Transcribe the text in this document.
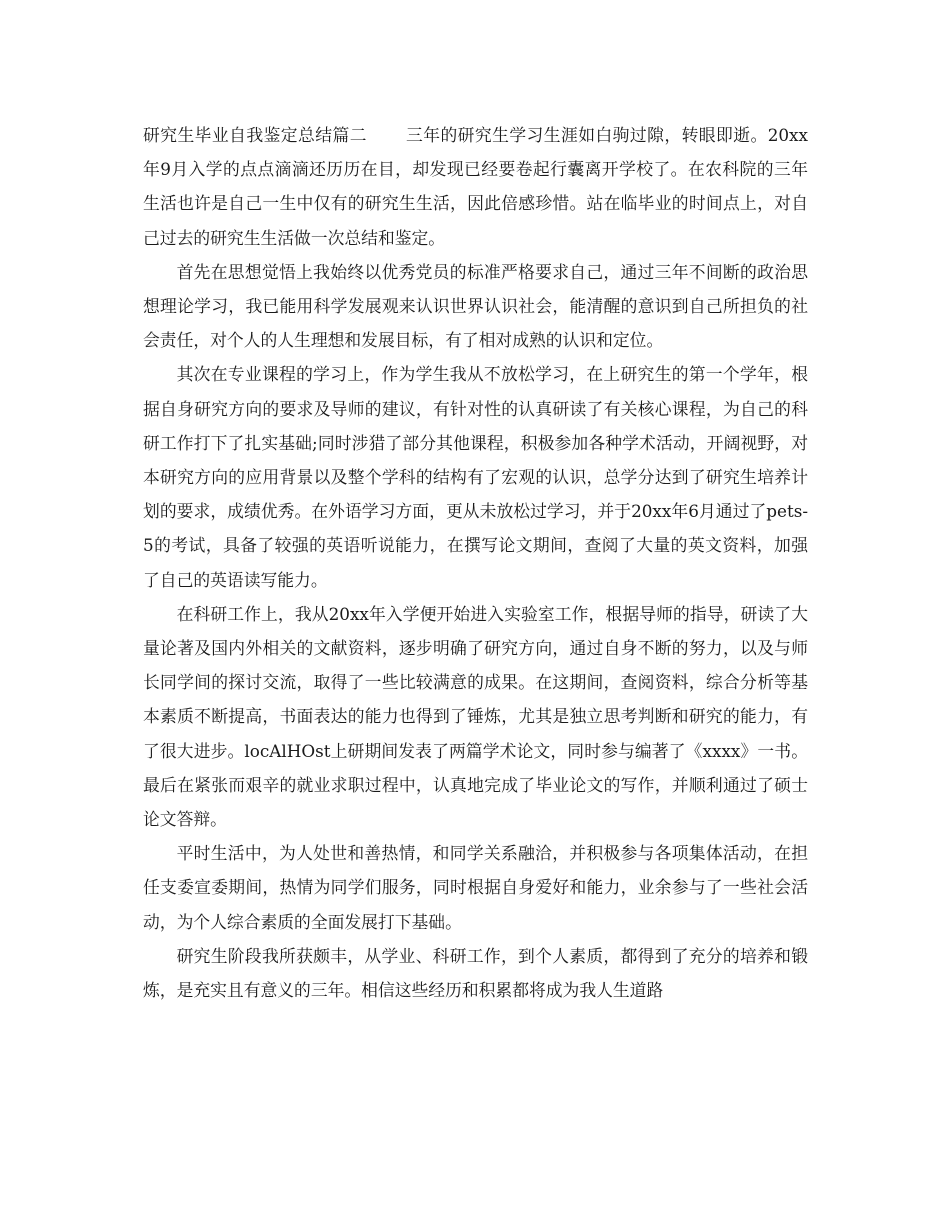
研究生毕业自我鉴定总结篇二 三年的研究生学习生涯如白驹过隙，转眼即逝。20xx年9月入学的点点滴滴还历历在目，却发现已经要卷起行囊离开学校了。在农科院的三年生活也许是自己一生中仅有的研究生生活，因此倍感珍惜。站在临毕业的时间点上，对自己过去的研究生生活做一次总结和鉴定。

首先在思想觉悟上我始终以优秀党员的标准严格要求自己，通过三年不间断的政治思想理论学习，我已能用科学发展观来认识世界认识社会，能清醒的意识到自己所担负的社会责任，对个人的人生理想和发展目标，有了相对成熟的认识和定位。

其次在专业课程的学习上，作为学生我从不放松学习，在上研究生的第一个学年，根据自身研究方向的要求及导师的建议，有针对性的认真研读了有关核心课程，为自己的科研工作打下了扎实基础;同时涉猎了部分其他课程，积极参加各种学术活动，开阔视野，对本研究方向的应用背景以及整个学科的结构有了宏观的认识，总学分达到了研究生培养计划的要求，成绩优秀。在外语学习方面，更从未放松过学习，并于20xx年6月通过了pets-5的考试，具备了较强的英语听说能力，在撰写论文期间，查阅了大量的英文资料，加强了自己的英语读写能力。

在科研工作上，我从20xx年入学便开始进入实验室工作，根据导师的指导，研读了大量论著及国内外相关的文献资料，逐步明确了研究方向，通过自身不断的努力，以及与师长同学间的探讨交流，取得了一些比较满意的成果。在这期间，查阅资料，综合分析等基本素质不断提高，书面表达的能力也得到了锤炼，尤其是独立思考判断和研究的能力，有了很大进步。locAlHOst上研期间发表了两篇学术论文，同时参与编著了《xxxx》一书。最后在紧张而艰辛的就业求职过程中，认真地完成了毕业论文的写作，并顺利通过了硕士论文答辩。

平时生活中，为人处世和善热情，和同学关系融洽，并积极参与各项集体活动，在担任支委宣委期间，热情为同学们服务，同时根据自身爱好和能力，业余参与了一些社会活动，为个人综合素质的全面发展打下基础。

研究生阶段我所获颇丰，从学业、科研工作，到个人素质，都得到了充分的培养和锻炼，是充实且有意义的三年。相信这些经历和积累都将成为我人生道路
